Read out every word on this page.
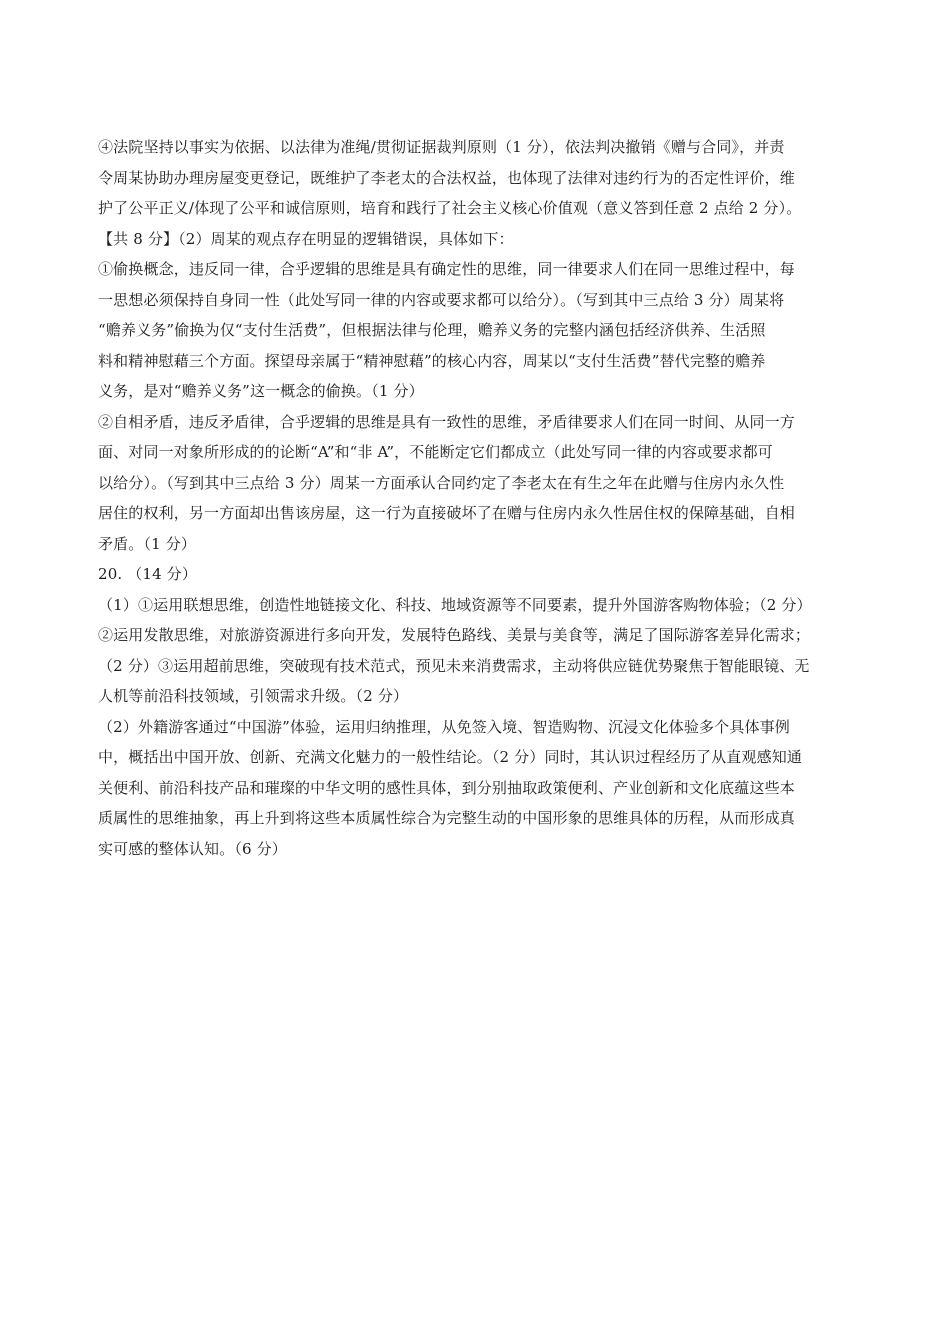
④法院坚持以事实为依据、以法律为准绳/贯彻证据裁判原则（1 分），依法判决撤销《赠与合同》，并责
令周某协助办理房屋变更登记，既维护了李老太的合法权益，也体现了法律对违约行为的否定性评价，维
护了公平正义/体现了公平和诚信原则，培育和践行了社会主义核心价值观（意义答到任意 2 点给 2 分）。
【共 8 分】（2）周某的观点存在明显的逻辑错误，具体如下：
①偷换概念，违反同一律，合乎逻辑的思维是具有确定性的思维，同一律要求人们在同一思维过程中，每
一思想必须保持自身同一性（此处写同一律的内容或要求都可以给分）。（写到其中三点给 3 分）周某将
“赡养义务”偷换为仅“支付生活费”，但根据法律与伦理，赡养义务的完整内涵包括经济供养、生活照
料和精神慰藉三个方面。探望母亲属于“精神慰藉”的核心内容，周某以“支付生活费”替代完整的赡养
义务，是对“赡养义务”这一概念的偷换。（1 分）
②自相矛盾，违反矛盾律，合乎逻辑的思维是具有一致性的思维，矛盾律要求人们在同一时间、从同一方
面、对同一对象所形成的的论断“A”和“非 A”，不能断定它们都成立（此处写同一律的内容或要求都可
以给分）。（写到其中三点给 3 分）周某一方面承认合同约定了李老太在有生之年在此赠与住房内永久性
居住的权利，另一方面却出售该房屋，这一行为直接破坏了在赠与住房内永久性居住权的保障基础，自相
矛盾。（1 分）
20. （14 分）
（1）①运用联想思维，创造性地链接文化、科技、地域资源等不同要素，提升外国游客购物体验；（2 分）
②运用发散思维，对旅游资源进行多向开发，发展特色路线、美景与美食等，满足了国际游客差异化需求；
（2 分）③运用超前思维，突破现有技术范式，预见未来消费需求，主动将供应链优势聚焦于智能眼镜、无
人机等前沿科技领域，引领需求升级。（2 分）
（2）外籍游客通过“中国游”体验，运用归纳推理，从免签入境、智造购物、沉浸文化体验多个具体事例
中，概括出中国开放、创新、充满文化魅力的一般性结论。（2 分）同时，其认识过程经历了从直观感知通
关便利、前沿科技产品和璀璨的中华文明的感性具体，到分别抽取政策便利、产业创新和文化底蕴这些本
质属性的思维抽象，再上升到将这些本质属性综合为完整生动的中国形象的思维具体的历程，从而形成真
实可感的整体认知。（6 分）
